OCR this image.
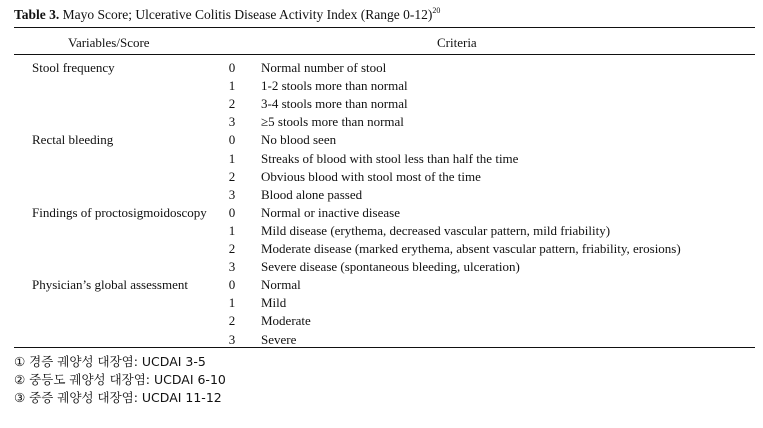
Table 3. Mayo Score; Ulcerative Colitis Disease Activity Index (Range 0-12)$^{20}$
Variables/Score	Criteria
Stool frequency	0	Normal number of stool
1	1-2 stools more than normal
2	3-4 stools more than normal
3	≥5 stools more than normal
Rectal bleeding	0	No blood seen
1	Streaks of blood with stool less than half the time
2	Obvious blood with stool most of the time
3	Blood alone passed
Findings of proctosigmoidoscopy	0	Normal or inactive disease
1	Mild disease (erythema, decreased vascular pattern, mild friability)
2	Moderate disease (marked erythema, absent vascular pattern, friability, erosions)
3	Severe disease (spontaneous bleeding, ulceration)
Physician’s global assessment	0	Normal
1	Mild
2	Moderate
3	Severe
① 경증 궤양성 대장염: UCDAI 3-5
② 중등도 궤양성 대장염: UCDAI 6-10
③ 중증 궤양성 대장염: UCDAI 11-12
